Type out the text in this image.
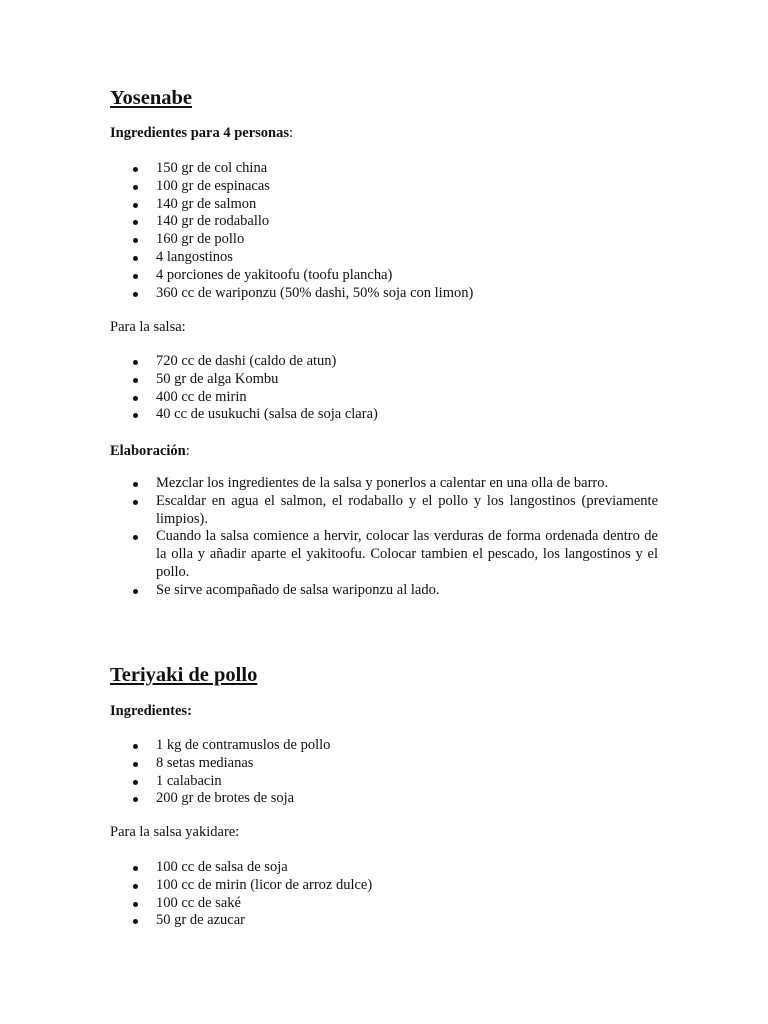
Yosenabe
Ingredientes para 4 personas:
150 gr de col china
100 gr de espinacas
140 gr de salmon
140 gr de rodaballo
160 gr de pollo
4 langostinos
4 porciones de yakitoofu (toofu plancha)
360 cc de wariponzu (50% dashi, 50% soja con limon)
Para la salsa:
720 cc de dashi (caldo de atun)
50 gr de alga Kombu
400 cc de mirin
40 cc de usukuchi (salsa de soja clara)
Elaboración:
Mezclar los ingredientes de la salsa y ponerlos a calentar en una olla de barro.
Escaldar en agua el salmon, el rodaballo y el pollo y los langostinos (previamente limpios).
Cuando la salsa comience a hervir, colocar las verduras de forma ordenada dentro de la olla y añadir aparte el yakitoofu. Colocar tambien el pescado, los langostinos y el pollo.
Se sirve acompañado de salsa wariponzu al lado.
Teriyaki de pollo
Ingredientes:
1 kg de contramuslos de pollo
8 setas medianas
1 calabacin
200 gr de brotes de soja
Para la salsa yakidare:
100 cc de salsa de soja
100 cc de mirin (licor de arroz dulce)
100 cc de saké
50 gr de azucar
